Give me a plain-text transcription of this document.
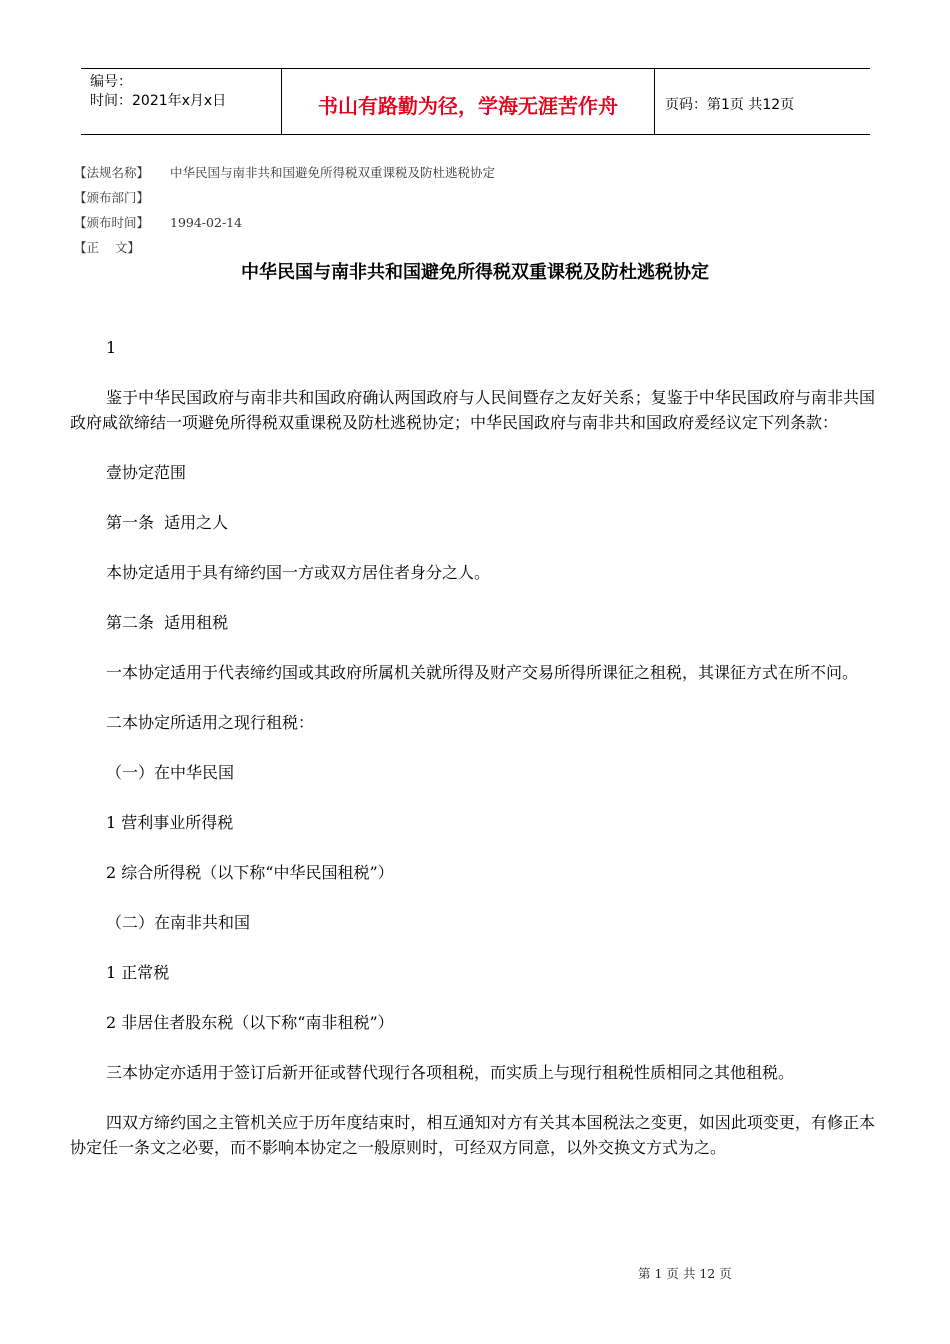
编号：
时间：2021年x月x日	书山有路勤为径，学海无涯苦作舟	页码：第1页 共12页
【法规名称】	中华民国与南非共和国避免所得税双重课税及防杜逃税协定
【颁布部门】
【颁布时间】	1994-02-14
【正    文】
中华民国与南非共和国避免所得税双重课税及防杜逃税协定

1

鉴于中华民国政府与南非共和国政府确认两国政府与人民间暨存之友好关系；复鉴于中华民国政府与南非共国政府咸欲缔结一项避免所得税双重课税及防杜逃税协定；中华民国政府与南非共和国政府爰经议定下列条款：

壹协定范围

第一条  适用之人

本协定适用于具有缔约国一方或双方居住者身分之人。

第二条  适用租税

一本协定适用于代表缔约国或其政府所属机关就所得及财产交易所得所课征之租税，其课征方式在所不问。

二本协定所适用之现行租税：

（一）在中华民国

1 营利事业所得税

2 综合所得税（以下称“中华民国租税”）

（二）在南非共和国

1 正常税

2 非居住者股东税（以下称“南非租税”）

三本协定亦适用于签订后新开征或替代现行各项租税，而实质上与现行租税性质相同之其他租税。

四双方缔约国之主管机关应于历年度结束时，相互通知对方有关其本国税法之变更，如因此项变更，有修正本协定任一条文之必要，而不影响本协定之一般原则时，可经双方同意，以外交换文方式为之。

第 1 页 共 12 页
